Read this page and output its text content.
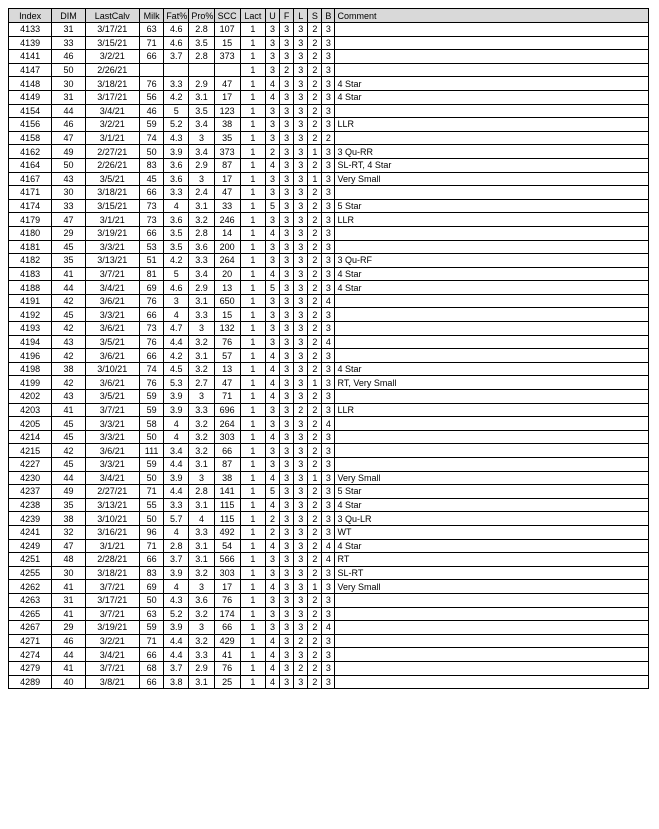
Index	DIM	LastCalv	Milk	Fat%	Pro%	SCC	Lact	U	F	L	S	B	Comment
4133	31	3/17/21	63	4.6	2.8	107	1	3	3	3	2	3	
4139	33	3/15/21	71	4.6	3.5	15	1	3	3	3	2	3	
4141	46	3/2/21	66	3.7	2.8	373	1	3	3	3	2	3	
4147	50	2/26/21					1	3	2	3	2	3	
4148	30	3/18/21	76	3.3	2.9	47	1	4	3	3	2	3	4 Star
4149	31	3/17/21	56	4.2	3.1	17	1	4	3	3	2	3	4 Star
4154	44	3/4/21	46	5	3.5	123	1	3	3	3	2	3	
4156	46	3/2/21	59	5.2	3.4	38	1	3	3	3	2	3	LLR
4158	47	3/1/21	74	4.3	3	35	1	3	3	3	2	2	
4162	49	2/27/21	50	3.9	3.4	373	1	2	3	3	1	3	3 Qu-RR
4164	50	2/26/21	83	3.6	2.9	87	1	4	3	3	2	3	SL-RT, 4 Star
4167	43	3/5/21	45	3.6	3	17	1	3	3	3	1	3	Very Small
4171	30	3/18/21	66	3.3	2.4	47	1	3	3	3	2	3	
4174	33	3/15/21	73	4	3.1	33	1	5	3	3	2	3	5 Star
4179	47	3/1/21	73	3.6	3.2	246	1	3	3	3	2	3	LLR
4180	29	3/19/21	66	3.5	2.8	14	1	4	3	3	2	3	
4181	45	3/3/21	53	3.5	3.6	200	1	3	3	3	2	3	
4182	35	3/13/21	51	4.2	3.3	264	1	3	3	3	2	3	3 Qu-RF
4183	41	3/7/21	81	5	3.4	20	1	4	3	3	2	3	4 Star
4188	44	3/4/21	69	4.6	2.9	13	1	5	3	3	2	3	4 Star
4191	42	3/6/21	76	3	3.1	650	1	3	3	3	2	4	
4192	45	3/3/21	66	4	3.3	15	1	3	3	3	2	3	
4193	42	3/6/21	73	4.7	3	132	1	3	3	3	2	3	
4194	43	3/5/21	76	4.4	3.2	76	1	3	3	3	2	4	
4196	42	3/6/21	66	4.2	3.1	57	1	4	3	3	2	3	
4198	38	3/10/21	74	4.5	3.2	13	1	4	3	3	2	3	4 Star
4199	42	3/6/21	76	5.3	2.7	47	1	4	3	3	1	3	RT, Very Small
4202	43	3/5/21	59	3.9	3	71	1	4	3	3	2	3	
4203	41	3/7/21	59	3.9	3.3	696	1	3	3	2	2	3	LLR
4205	45	3/3/21	58	4	3.2	264	1	3	3	3	2	4	
4214	45	3/3/21	50	4	3.2	303	1	4	3	3	2	3	
4215	42	3/6/21	111	3.4	3.2	66	1	3	3	3	2	3	
4227	45	3/3/21	59	4.4	3.1	87	1	3	3	3	2	3	
4230	44	3/4/21	50	3.9	3	38	1	4	3	3	1	3	Very Small
4237	49	2/27/21	71	4.4	2.8	141	1	5	3	3	2	3	5 Star
4238	35	3/13/21	55	3.3	3.1	115	1	4	3	3	2	3	4 Star
4239	38	3/10/21	50	5.7	4	115	1	2	3	3	2	3	3 Qu-LR
4241	32	3/16/21	96	4	3.3	492	1	2	3	3	2	3	WT
4249	47	3/1/21	71	2.8	3.1	54	1	4	3	3	2	4	4 Star
4251	48	2/28/21	66	3.7	3.1	566	1	3	3	3	2	4	RT
4255	30	3/18/21	83	3.9	3.2	303	1	3	3	3	2	3	SL-RT
4262	41	3/7/21	69	4	3	17	1	4	3	3	1	3	Very Small
4263	31	3/17/21	50	4.3	3.6	76	1	3	3	3	2	3	
4265	41	3/7/21	63	5.2	3.2	174	1	3	3	3	2	3	
4267	29	3/19/21	59	3.9	3	66	1	3	3	3	2	4	
4271	46	3/2/21	71	4.4	3.2	429	1	4	3	2	2	3	
4274	44	3/4/21	66	4.4	3.3	41	1	4	3	3	2	3	
4279	41	3/7/21	68	3.7	2.9	76	1	4	3	2	2	3	
4289	40	3/8/21	66	3.8	3.1	25	1	4	3	3	2	3	
